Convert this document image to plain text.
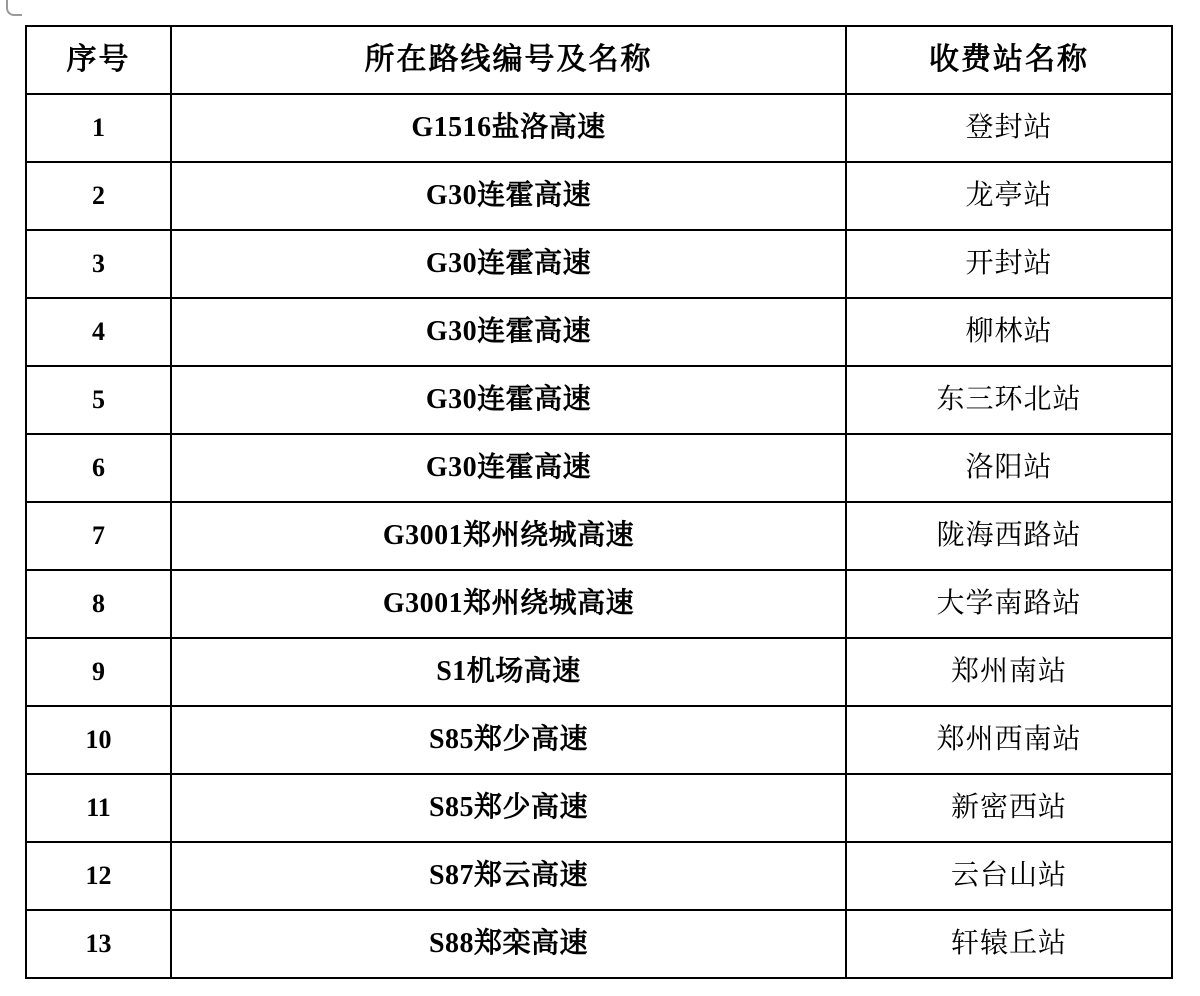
序号	所在路线编号及名称	收费站名称
1	G1516盐洛高速	登封站
2	G30连霍高速	龙亭站
3	G30连霍高速	开封站
4	G30连霍高速	柳林站
5	G30连霍高速	东三环北站
6	G30连霍高速	洛阳站
7	G3001郑州绕城高速	陇海西路站
8	G3001郑州绕城高速	大学南路站
9	S1机场高速	郑州南站
10	S85郑少高速	郑州西南站
11	S85郑少高速	新密西站
12	S87郑云高速	云台山站
13	S88郑栾高速	轩辕丘站
